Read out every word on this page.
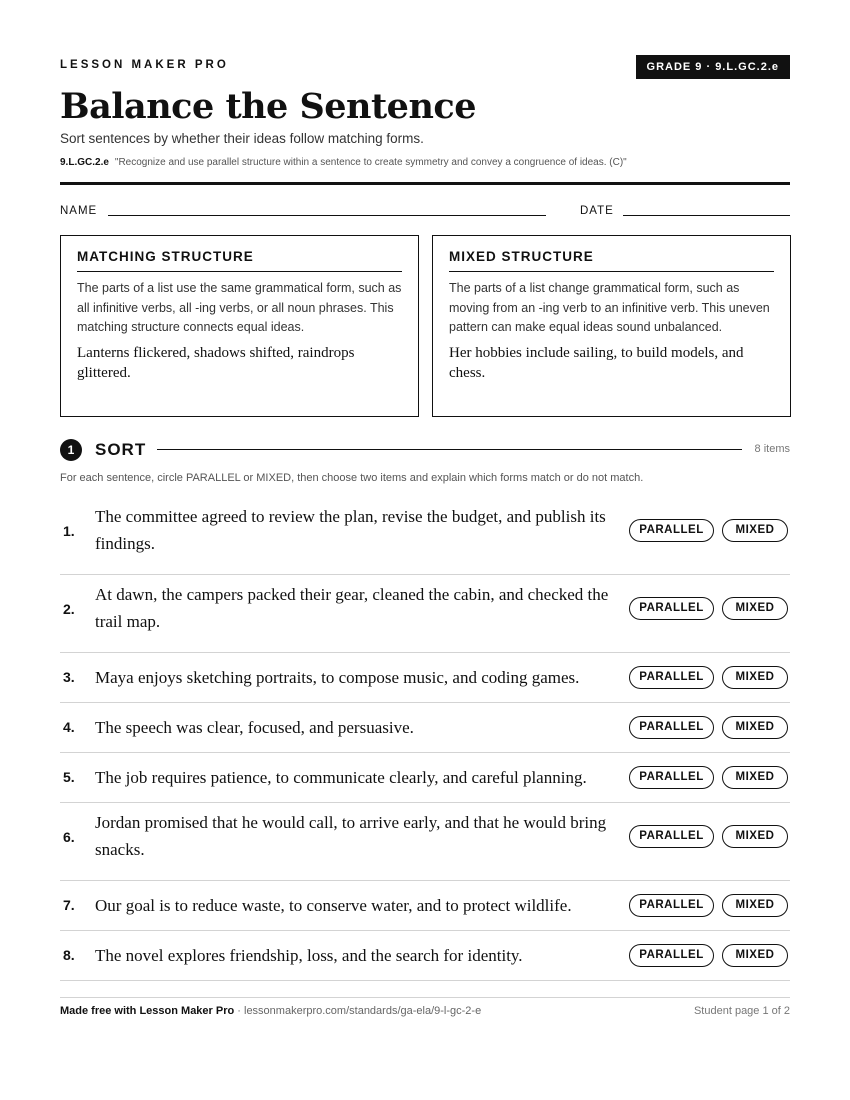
LESSON MAKER PRO	GRADE 9 · 9.L.GC.2.e
Balance the Sentence
Sort sentences by whether their ideas follow matching forms.
9.L.GC.2.e "Recognize and use parallel structure within a sentence to create symmetry and convey a congruence of ideas. (C)"
NAME	DATE
MATCHING STRUCTURE
The parts of a list use the same grammatical form, such as all infinitive verbs, all -ing verbs, or all noun phrases. This matching structure connects equal ideas.
Lanterns flickered, shadows shifted, raindrops glittered.
MIXED STRUCTURE
The parts of a list change grammatical form, such as moving from an -ing verb to an infinitive verb. This uneven pattern can make equal ideas sound unbalanced.
Her hobbies include sailing, to build models, and chess.
1	SORT	8 items
For each sentence, circle PARALLEL or MIXED, then choose two items and explain which forms match or do not match.
1.
The committee agreed to review the plan, revise the budget, and publish its findings.
PARALLEL	MIXED
2.
At dawn, the campers packed their gear, cleaned the cabin, and checked the trail map.
PARALLEL	MIXED
3. Maya enjoys sketching portraits, to compose music, and coding games.	PARALLEL	MIXED
4. The speech was clear, focused, and persuasive.	PARALLEL	MIXED
5. The job requires patience, to communicate clearly, and careful planning.	PARALLEL	MIXED
6.
Jordan promised that he would call, to arrive early, and that he would bring snacks.
PARALLEL	MIXED
7. Our goal is to reduce waste, to conserve water, and to protect wildlife.	PARALLEL	MIXED
8. The novel explores friendship, loss, and the search for identity.	PARALLEL	MIXED
Made free with Lesson Maker Pro · lessonmakerpro.com/standards/ga-ela/9-l-gc-2-e	Student page 1 of 2
